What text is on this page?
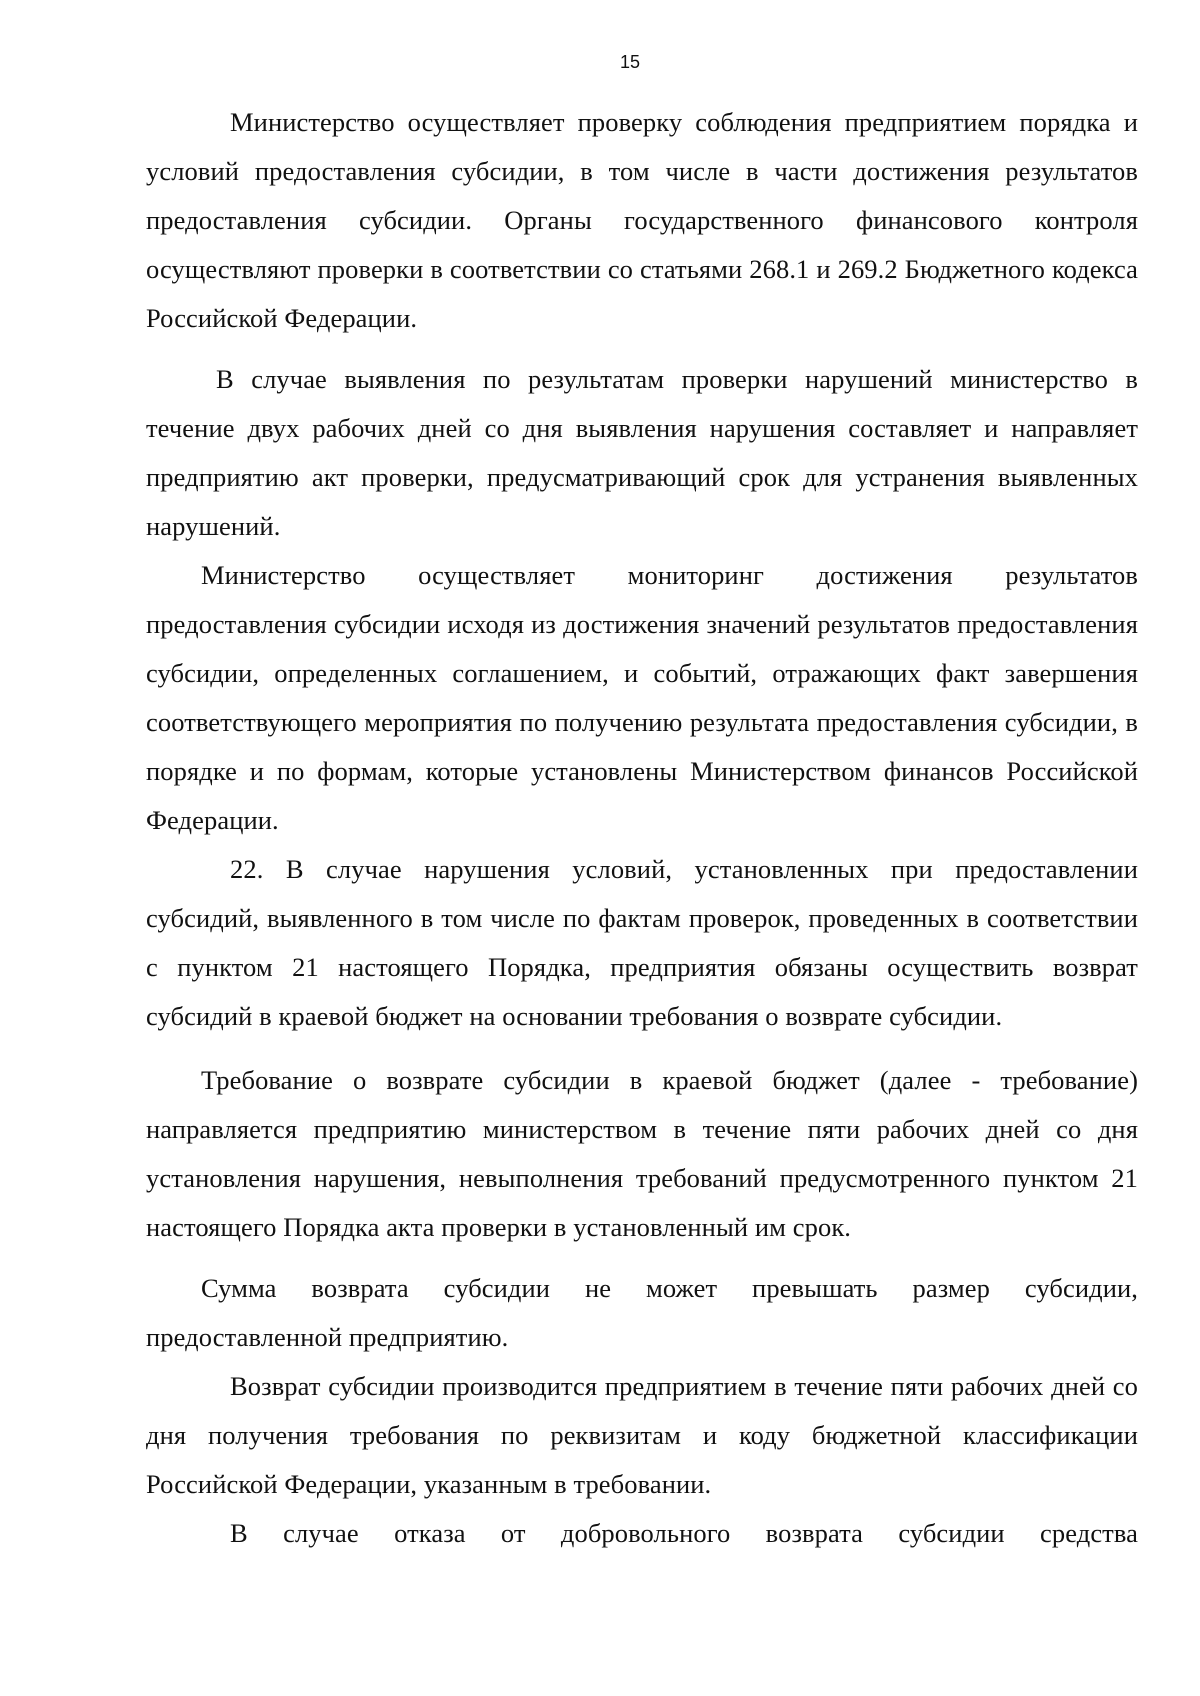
15

Министерство осуществляет проверку соблюдения предприятием порядка и условий предоставления субсидии, в том числе в части достижения результатов предоставления субсидии. Органы государственного финансового контроля осуществляют проверки в соответствии со статьями 268.1 и 269.2 Бюджетного кодекса Российской Федерации.

В случае выявления по результатам проверки нарушений министерство в течение двух рабочих дней со дня выявления нарушения составляет и направляет предприятию акт проверки, предусматривающий срок для устранения выявленных нарушений.

Министерство осуществляет мониторинг достижения результатов предоставления субсидии исходя из достижения значений результатов предоставления субсидии, определенных соглашением, и событий, отражающих факт завершения соответствующего мероприятия по получению результата предоставления субсидии, в порядке и по формам, которые установлены Министерством финансов Российской Федерации.

22. В случае нарушения условий, установленных при предоставлении субсидий, выявленного в том числе по фактам проверок, проведенных в соответствии с пунктом 21 настоящего Порядка, предприятия обязаны осуществить возврат субсидий в краевой бюджет на основании требования о возврате субсидии.

Требование о возврате субсидии в краевой бюджет (далее - требование) направляется предприятию министерством в течение пяти рабочих дней со дня установления нарушения, невыполнения требований предусмотренного пунктом 21 настоящего Порядка акта проверки в установленный им срок.

Сумма возврата субсидии не может превышать размер субсидии, предоставленной предприятию.

Возврат субсидии производится предприятием в течение пяти рабочих дней со дня получения требования по реквизитам и коду бюджетной классификации Российской Федерации, указанным в требовании.

В случае отказа от добровольного возврата субсидии средства
